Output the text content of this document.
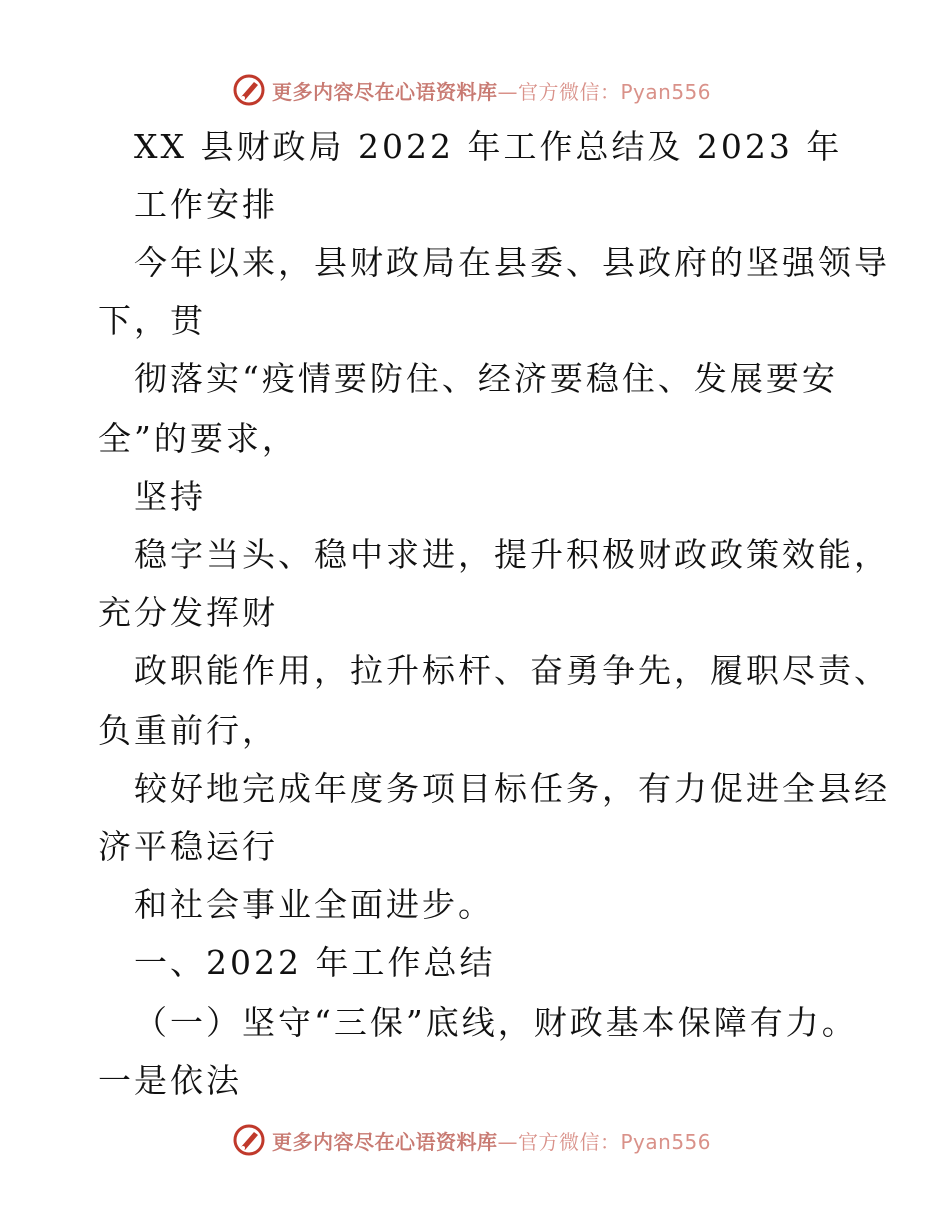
更多内容尽在心语资料库 —官方微信：Pyan556
XX 县财政局 2022 年工作总结及 2023 年
工作安排
今年以来，县财政局在县委、县政府的坚强领导
下，贯
彻落实“疫情要防住、经济要稳住、发展要安
全”的要求，
坚持
稳字当头、稳中求进，提升积极财政政策效能，
充分发挥财
政职能作用，拉升标杆、奋勇争先，履职尽责、
负重前行，
较好地完成年度务项目标任务，有力促进全县经
济平稳运行
和社会事业全面进步。
一、2022 年工作总结
（一）坚守“三保”底线，财政基本保障有力。
一是依法
更多内容尽在心语资料库 —官方微信：Pyan556
